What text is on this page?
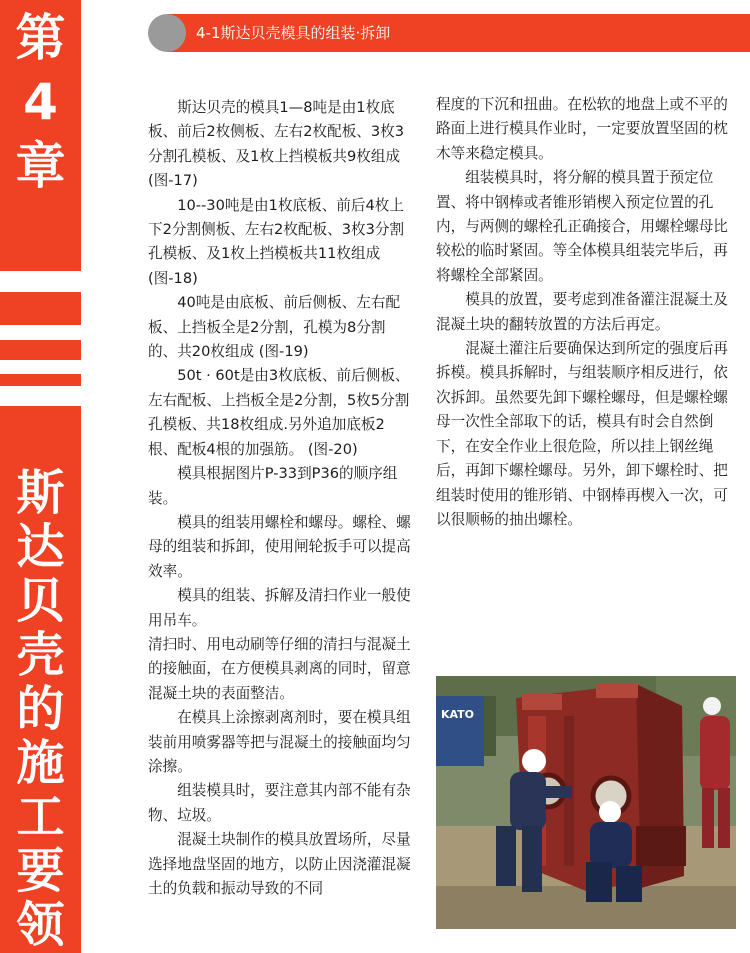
第
4
章
斯
达
贝
壳
的
施
工
要
领
4-1斯达贝壳模具的组装·拆卸

斯达贝壳的模具1—8吨是由1枚底板、前后2枚侧板、左右2枚配板、3枚3分割孔模板、及1枚上挡模板共9枚组成 (图-17)

10--30吨是由1枚底板、前后4枚上下2分割侧板、左右2枚配板、3枚3分割孔模板、及1枚上挡模板共11枚组成 (图-18)

40吨是由底板、前后侧板、左右配板、上挡板全是2分割，孔模为8分割的、共20枚组成 (图-19)

50t · 60t是由3枚底板、前后侧板、左右配板、上挡板全是2分割，5枚5分割孔模板、共18枚组成.另外追加底板2根、配板4根的加强筋。 (图-20)

模具根据图片P-33到P36的顺序组装。

模具的组装用螺栓和螺母。螺栓、螺母的组装和拆卸，使用闸轮扳手可以提高效率。

模具的组装、拆解及清扫作业一般使用吊车。

清扫时、用电动刷等仔细的清扫与混凝土的接触面，在方便模具剥离的同时，留意混凝土块的表面整洁。

在模具上涂擦剥离剂时，要在模具组装前用喷雾器等把与混凝土的接触面均匀涂擦。

组装模具时，要注意其内部不能有杂物、垃圾。

混凝土块制作的模具放置场所，尽量选择地盘坚固的地方，以防止因浇灌混凝土的负载和振动导致的不同

程度的下沉和扭曲。在松软的地盘上或不平的路面上进行模具作业时，一定要放置坚固的枕木等来稳定模具。

组装模具时，将分解的模具置于预定位置、将中钢棒或者锥形销楔入预定位置的孔内，与两侧的螺栓孔正确接合，用螺栓螺母比较松的临时紧固。等全体模具组装完毕后，再将螺栓全部紧固。

模具的放置，要考虑到准备灌注混凝土及混凝土块的翻转放置的方法后再定。

混凝土灌注后要确保达到所定的强度后再拆模。模具拆解时，与组装顺序相反进行，依次拆卸。虽然要先卸下螺栓螺母，但是螺栓螺母一次性全部取下的话，模具有时会自然倒下，在安全作业上很危险，所以挂上钢丝绳后，再卸下螺栓螺母。另外，卸下螺栓时、把组装时使用的锥形销、中钢棒再楔入一次，可以很顺畅的抽出螺栓。

KATO
